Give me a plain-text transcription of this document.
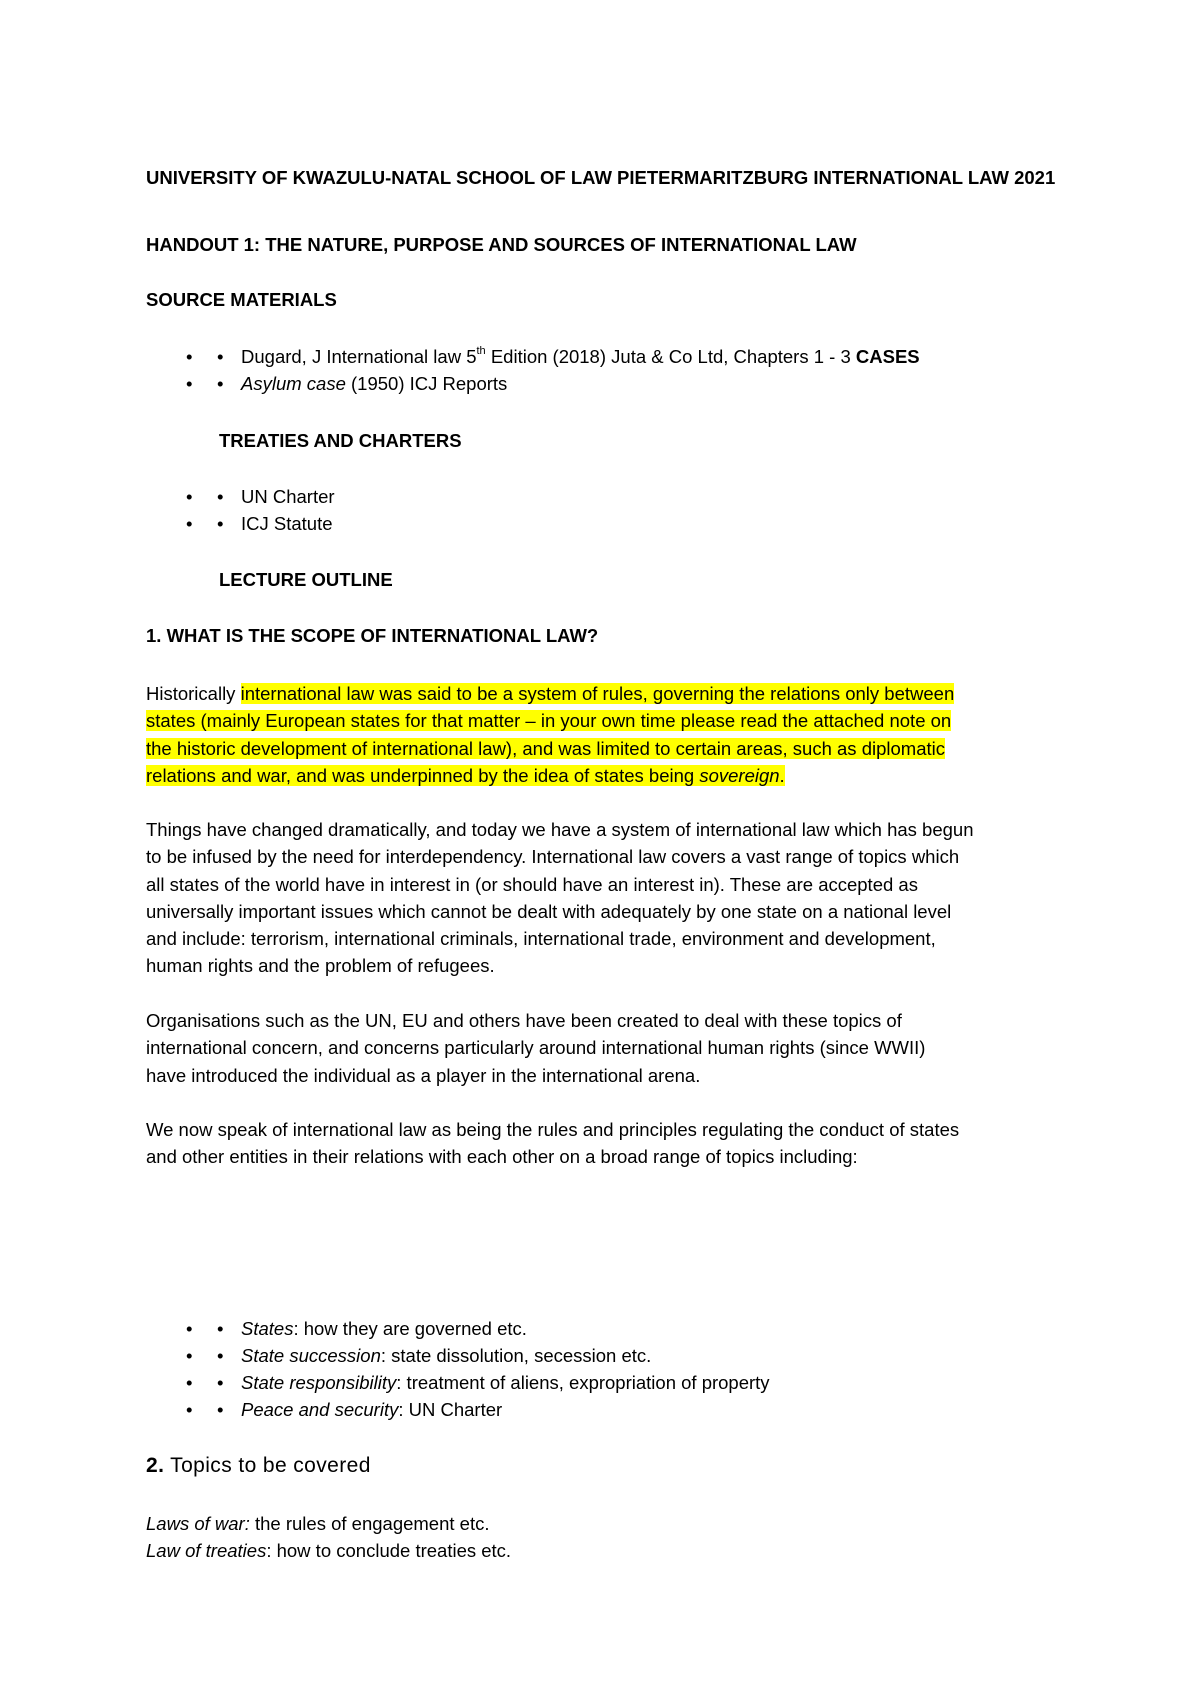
UNIVERSITY OF KWAZULU-NATAL SCHOOL OF LAW PIETERMARITZBURG INTERNATIONAL LAW 2021
HANDOUT 1: THE NATURE, PURPOSE AND SOURCES OF INTERNATIONAL LAW
SOURCE MATERIALS
• • Dugard, J International law 5th Edition (2018) Juta & Co Ltd, Chapters 1 - 3 CASES
• • Asylum case (1950) ICJ Reports
TREATIES AND CHARTERS
• • UN Charter
• • ICJ Statute
LECTURE OUTLINE
1. WHAT IS THE SCOPE OF INTERNATIONAL LAW?
Historically international law was said to be a system of rules, governing the relations only between
states (mainly European states for that matter – in your own time please read the attached note on
the historic development of international law), and was limited to certain areas, such as diplomatic
relations and war, and was underpinned by the idea of states being sovereign.
Things have changed dramatically, and today we have a system of international law which has begun
to be infused by the need for interdependency. International law covers a vast range of topics which
all states of the world have in interest in (or should have an interest in). These are accepted as
universally important issues which cannot be dealt with adequately by one state on a national level
and include: terrorism, international criminals, international trade, environment and development,
human rights and the problem of refugees.
Organisations such as the UN, EU and others have been created to deal with these topics of
international concern, and concerns particularly around international human rights (since WWII)
have introduced the individual as a player in the international arena.
We now speak of international law as being the rules and principles regulating the conduct of states
and other entities in their relations with each other on a broad range of topics including:
• • States: how they are governed etc.
• • State succession: state dissolution, secession etc.
• • State responsibility: treatment of aliens, expropriation of property
• • Peace and security: UN Charter
2. Topics to be covered
Laws of war: the rules of engagement etc.
Law of treaties: how to conclude treaties etc.
